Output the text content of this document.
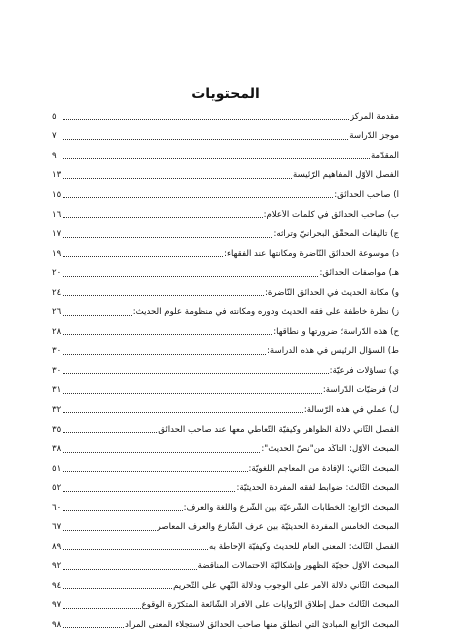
المحتويات
مقدمة المركز
٥
موجز الدّراسة
٧
المقدّمة
٩
الفصل الأوّل المفاهيم الرّئيسة
١٣
أ) صاحب الحدائق:
١٥
ب) صاحب الحدائق في كلمات الأعلام:
١٦
ج) تأليفات المحقّق البحرانيّ وتراثه:
١٧
د) موسوعة الحدائق النّاضرة ومكانتها عند الفقهاء:
١٩
هـ) مواصفات الحدائق:
٢٠
و) مكانة الحديث في الحدائق النّاضرة:
٢٤
ز) نظرة خاطفة على فقه الحديث ودوره ومكانته في منظومة علوم الحديث:
٢٦
ح) هذه الدّراسة؛ ضرورتها و نطاقها:
٢٨
ط) السؤال الرئيس في هذه الدراسة:
٣٠
ي) تساؤلات فرعيّة:
٣٠
ك) فرضيّات الدّراسة:
٣١
ل) عملي في هذه الرّسالة:
٣٢
الفصل الثّاني دلالة الظواهر وكيفيّة التّعاطي معها عند صاحب الحدائق
٣٥
المبحث الأوّل: التأكّد من"نصّ الحديث":
٣٨
المبحث الثّاني: الإفادة من المعاجم اللّغويّة:
٥١
المبحث الثّالث: ضوابط لفقه المفردة الحديثيّة:
٥٢
المبحث الرّابع: الخطابات الشّرعيّة بين الشّرع واللّغة والعرف:
٦٠
المبحث الخامس المفردة الحديثيّة بين عرف الشّارع والعرف المعاصر
٦٧
الفصل الثّالث: المعنى العام للحديث وكيفيّة الإحاطة به
٨٩
المبحث الأوّل حجيّة الظهور وإشكاليّة الاحتمالات المناقضة
٩٢
المبحث الثّاني دلالة الأمر على الوجوب ودلالة النّهي على التّحريم
٩٤
المبحث الثّالث حمل إطلاق الرّوايات على الأفراد الشّائعة المتكرّرة الوقوع
٩٧
المبحث الرّابع المبادئ التي انطلق منها صاحب الحدائق لاستجلاء المعنى المراد
٩٨
